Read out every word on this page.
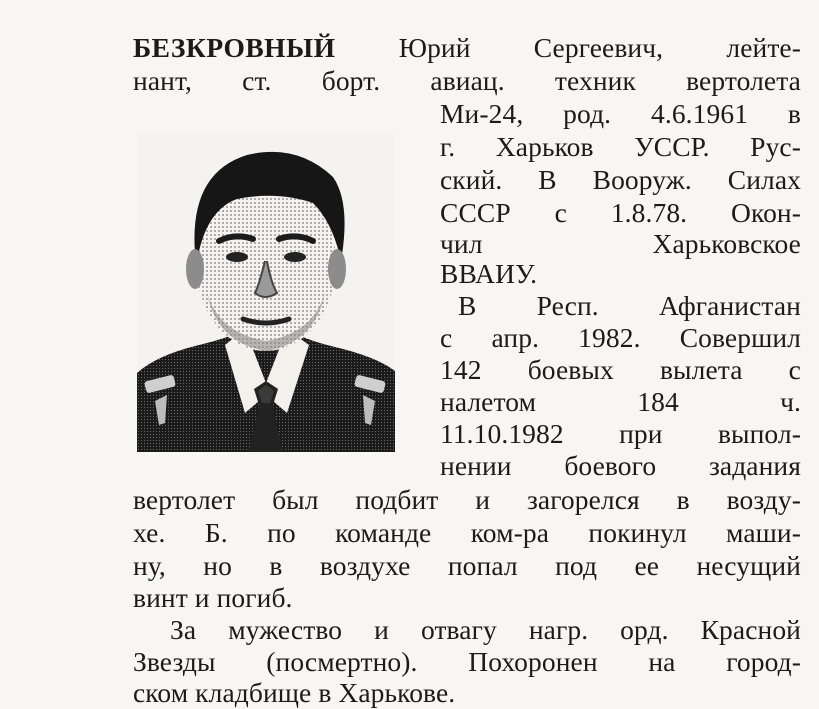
БЕЗКРОВНЫЙ Юрий Сергеевич, лейте-
нант, ст. борт. авиац. техник вертолета
Ми-24, род. 4.6.1961 в
г. Харьков УССР. Рус-
ский. В Вооруж. Силах
СССР с 1.8.78. Окон-
чил Харьковское
ВВАИУ.
В Респ. Афганистан
с апр. 1982. Совершил
142 боевых вылета с
налетом 184 ч.
11.10.1982 при выпол-
нении боевого задания
вертолет был подбит и загорелся в возду-
хе. Б. по команде ком-ра покинул маши-
ну, но в воздухе попал под ее несущий
винт и погиб.
За мужество и отвагу нагр. орд. Красной
Звезды (посмертно). Похоронен на город-
ском кладбище в Харькове.
